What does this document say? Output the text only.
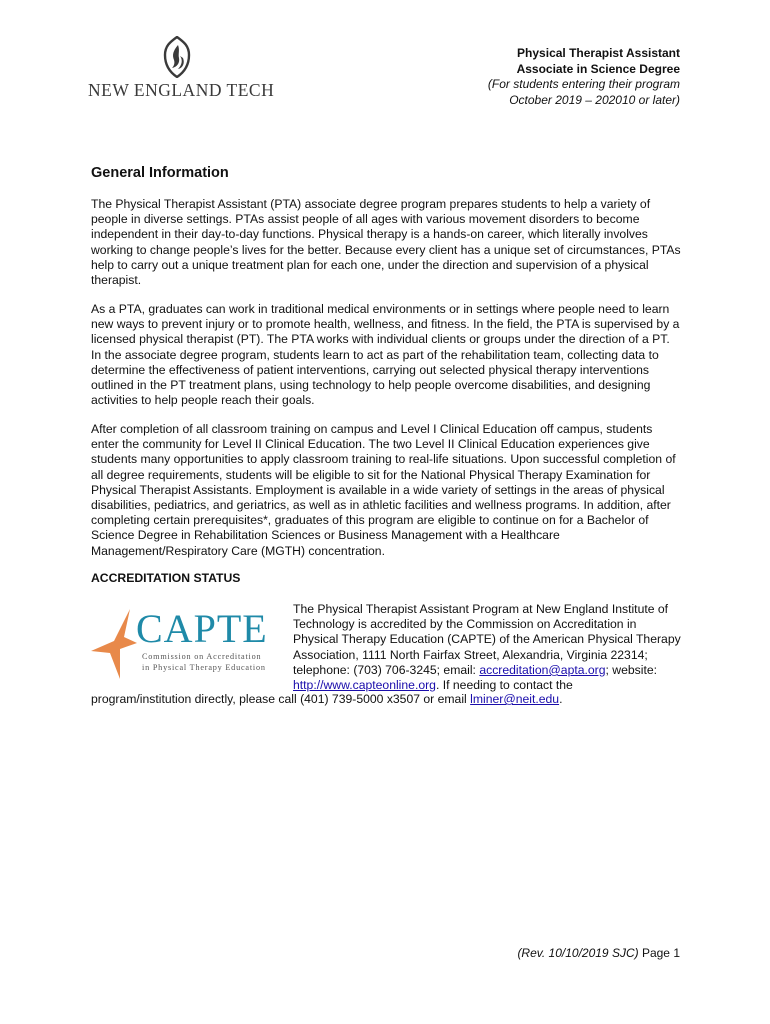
NEW ENGLAND TECH
Physical Therapist Assistant
Associate in Science Degree
(For students entering their program
October 2019 – 202010 or later)
General Information

The Physical Therapist Assistant (PTA) associate degree program prepares students to help a variety of people in diverse settings. PTAs assist people of all ages with various movement disorders to become independent in their day-to-day functions. Physical therapy is a hands-on career, which literally involves working to change people’s lives for the better. Because every client has a unique set of circumstances, PTAs help to carry out a unique treatment plan for each one, under the direction and supervision of a physical therapist.

As a PTA, graduates can work in traditional medical environments or in settings where people need to learn new ways to prevent injury or to promote health, wellness, and fitness. In the field, the PTA is supervised by a licensed physical therapist (PT). The PTA works with individual clients or groups under the direction of a PT. In the associate degree program, students learn to act as part of the rehabilitation team, collecting data to determine the effectiveness of patient interventions, carrying out selected physical therapy interventions outlined in the PT treatment plans, using technology to help people overcome disabilities, and designing activities to help people reach their goals.

After completion of all classroom training on campus and Level I Clinical Education off campus, students enter the community for Level II Clinical Education. The two Level II Clinical Education experiences give students many opportunities to apply classroom training to real-life situations. Upon successful completion of all degree requirements, students will be eligible to sit for the National Physical Therapy Examination for Physical Therapist Assistants. Employment is available in a wide variety of settings in the areas of physical disabilities, pediatrics, and geriatrics, as well as in athletic facilities and wellness programs. In addition, after completing certain prerequisites*, graduates of this program are eligible to continue on for a Bachelor of Science Degree in Rehabilitation Sciences or Business Management with a Healthcare Management/Respiratory Care (MGTH) concentration.

ACCREDITATION STATUS

CAPTE
Commission on Accreditation
in Physical Therapy Education

The Physical Therapist Assistant Program at New England Institute of Technology is accredited by the Commission on Accreditation in Physical Therapy Education (CAPTE) of the American Physical Therapy Association, 1111 North Fairfax Street, Alexandria, Virginia 22314; telephone: (703) 706-3245; email: accreditation@apta.org; website: http://www.capteonline.org. If needing to contact the

program/institution directly, please call (401) 739-5000 x3507 or email lminer@neit.edu.

(Rev. 10/10/2019 SJC) Page 1
